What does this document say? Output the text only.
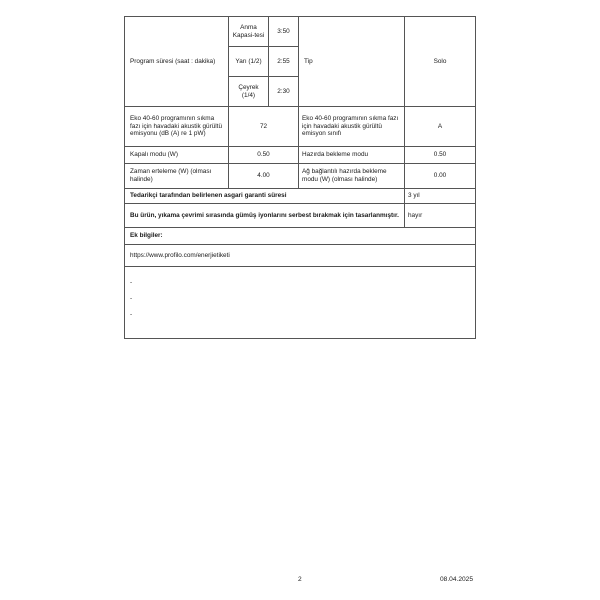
Program süresi (saat : dakika)	Anma Kapasi-tesi	3:50	Tip	Solo
	Yarı (1/2)	2:55		
	Çeyrek (1/4)	2:30		
Eko 40-60 programının sıkma fazı için havadaki akustik gürültü emisyonu (dB (A) re 1 pW)	72		Eko 40-60 programının sıkma fazı için havadaki akustik gürültü emisyon sınıfı	A
Kapalı modu (W)	0.50		Hazırda bekleme modu	0.50
Zaman erteleme (W) (olması halinde)	4.00		Ağ bağlantılı hazırda bekleme modu (W) (olması halinde)	0.00
Tedarikçi tarafından belirlenen asgari garanti süresi				3 yıl
Bu ürün, yıkama çevrimi sırasında gümüş iyonlarını serbest bırakmak için tasarlanmıştır.				hayır
Ek bilgiler:				
https://www.profilo.com/enerjietiketi				

-
-
-				
2	08.04.2025
